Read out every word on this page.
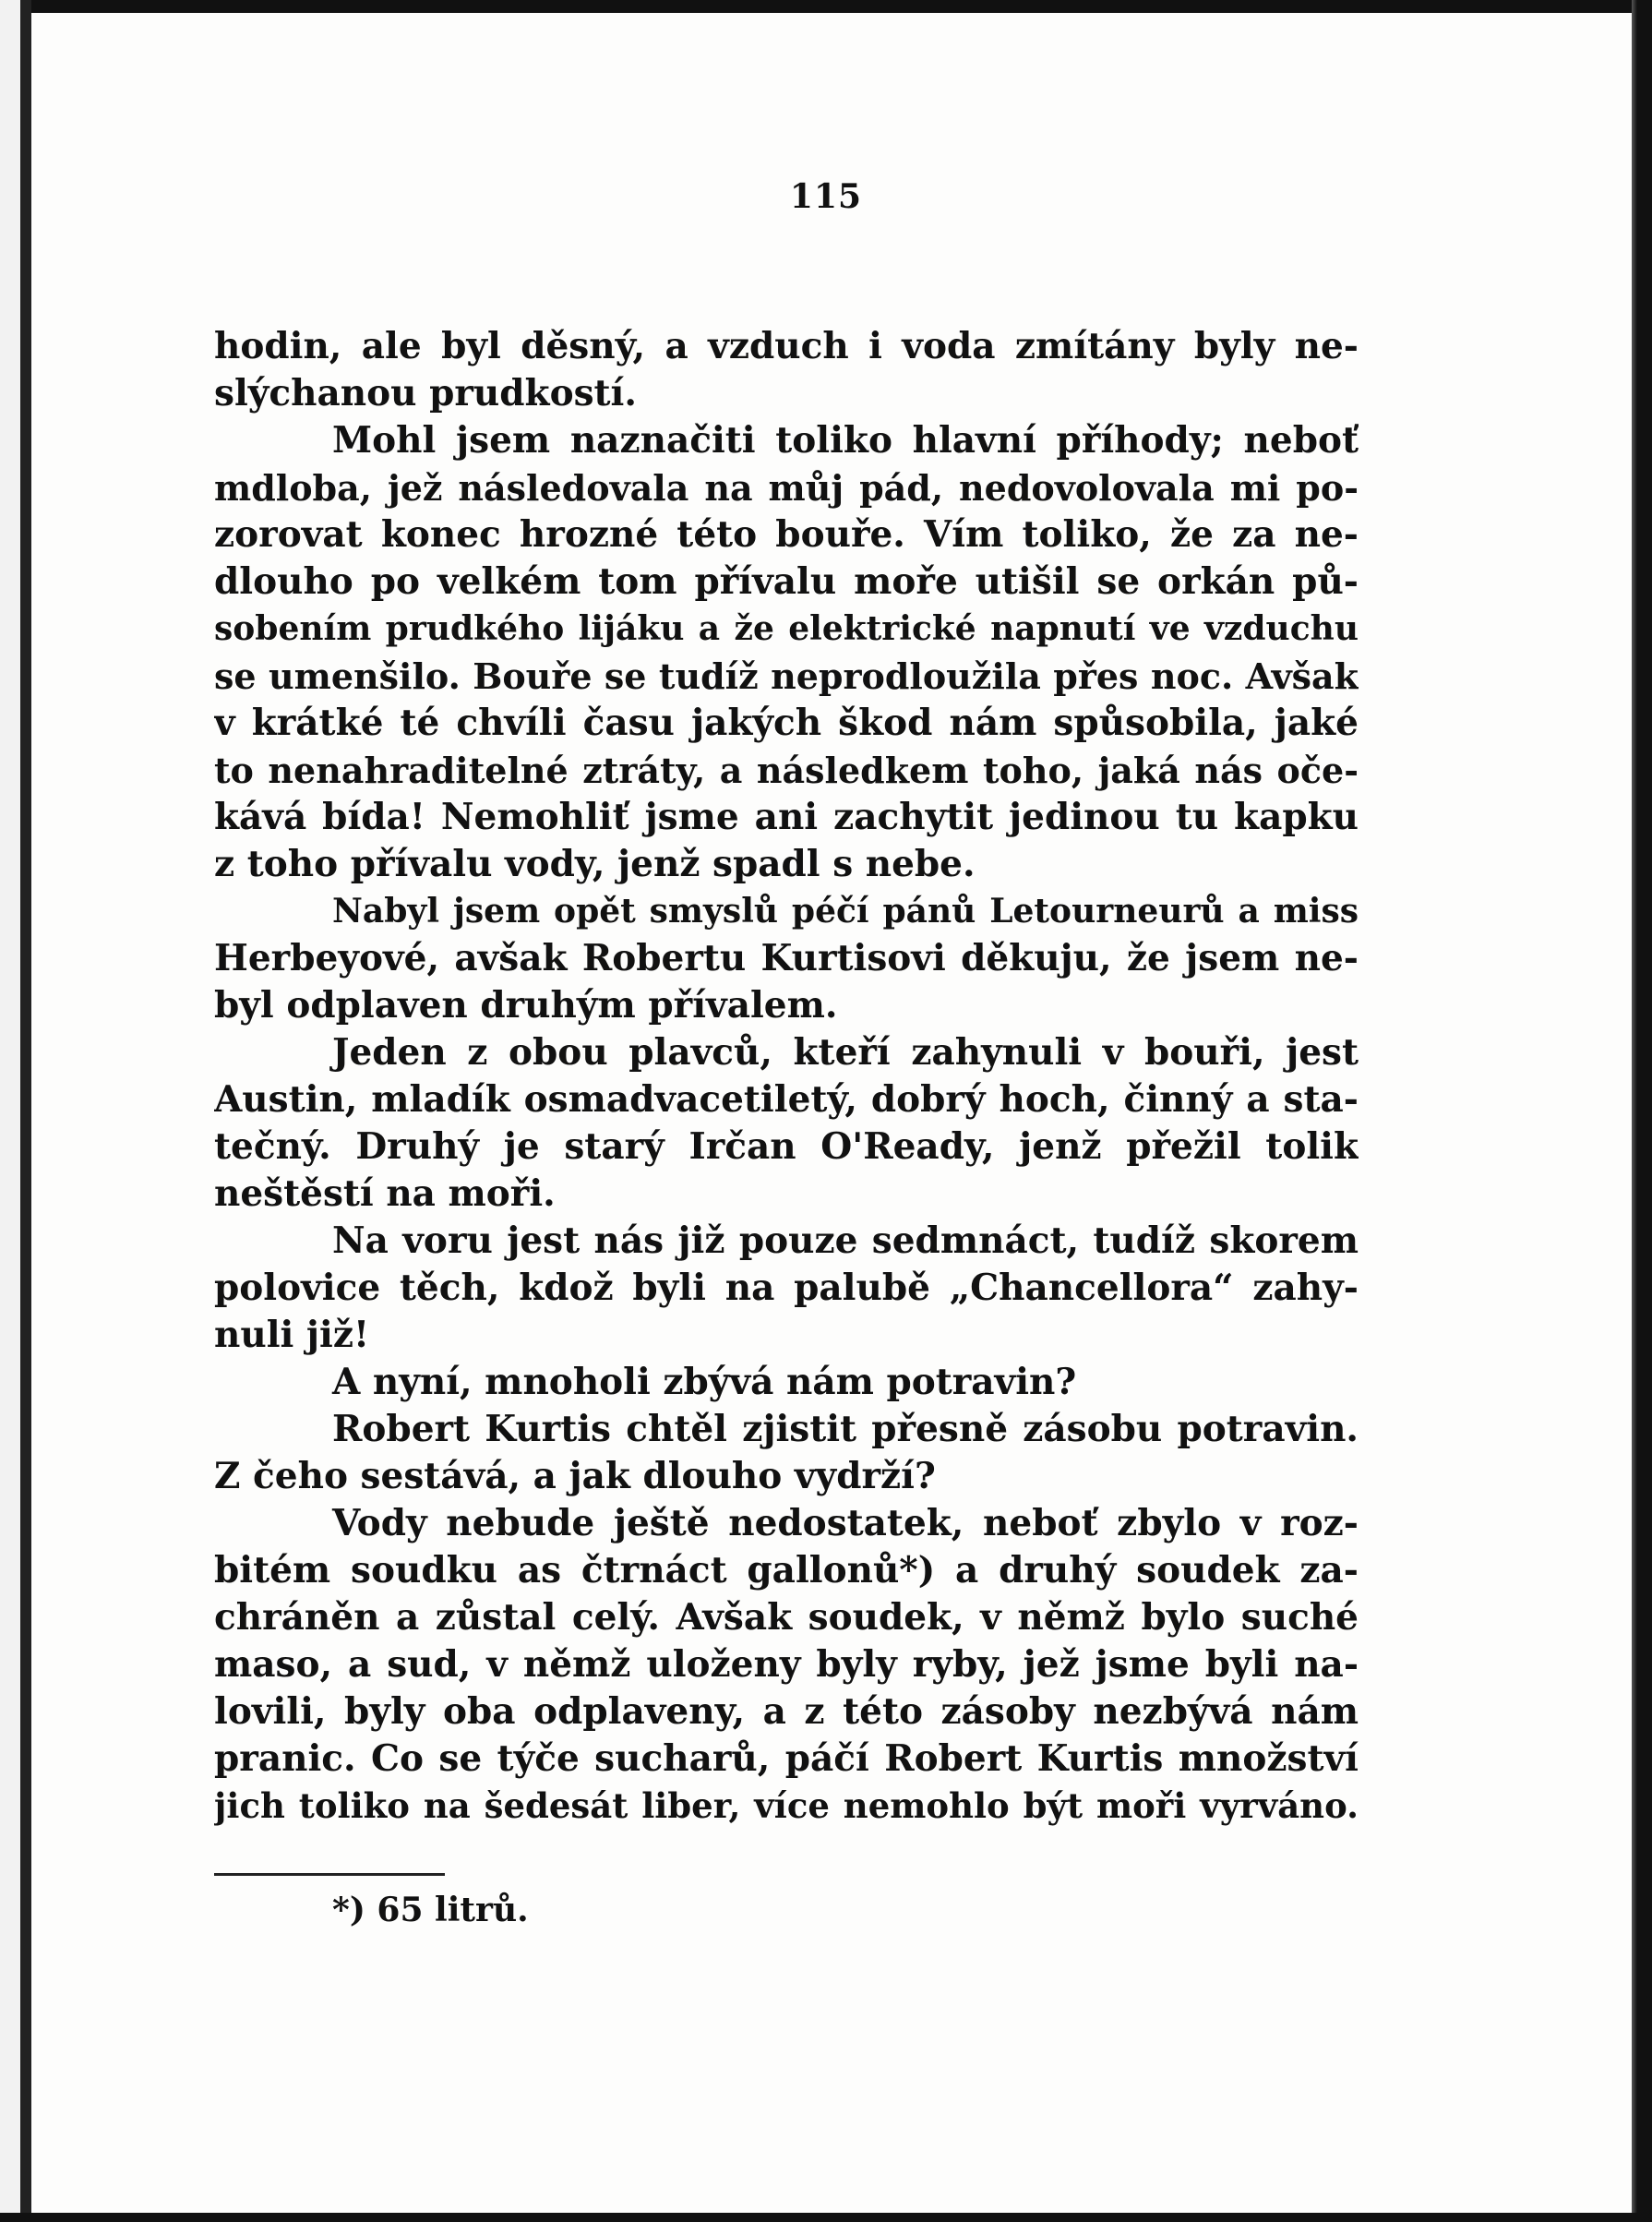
115
hodin, ale byl děsný, a vzduch i voda zmítány byly ne-
slýchanou prudkostí.
Mohl jsem naznačiti toliko hlavní příhody; neboť
mdloba, jež následovala na můj pád, nedovolovala mi po-
zorovat konec hrozné této bouře. Vím toliko, že za ne-
dlouho po velkém tom přívalu moře utišil se orkán pů-
sobením prudkého lijáku a že elektrické napnutí ve vzduchu
se umenšilo. Bouře se tudíž neprodloužila přes noc. Avšak
v krátké té chvíli času jakých škod nám spůsobila, jaké
to nenahraditelné ztráty, a následkem toho, jaká nás oče-
kává bída! Nemohliť jsme ani zachytit jedinou tu kapku
z toho přívalu vody, jenž spadl s nebe.
Nabyl jsem opět smyslů péčí pánů Letourneurů a miss
Herbeyové, avšak Robertu Kurtisovi děkuju, že jsem ne-
byl odplaven druhým přívalem.
Jeden z obou plavců, kteří zahynuli v bouři, jest
Austin, mladík osmadvacetiletý, dobrý hoch, činný a sta-
tečný. Druhý je starý Irčan O'Ready, jenž přežil tolik
neštěstí na moři.
Na voru jest nás již pouze sedmnáct, tudíž skorem
polovice těch, kdož byli na palubě „Chancellora“ zahy-
nuli již!
A nyní, mnoholi zbývá nám potravin?
Robert Kurtis chtěl zjistit přesně zásobu potravin.
Z čeho sestává, a jak dlouho vydrží?
Vody nebude ještě nedostatek, neboť zbylo v roz-
bitém soudku as čtrnáct gallonů*) a druhý soudek za-
chráněn a zůstal celý. Avšak soudek, v němž bylo suché
maso, a sud, v němž uloženy byly ryby, jež jsme byli na-
lovili, byly oba odplaveny, a z této zásoby nezbývá nám
pranic. Co se týče sucharů, páčí Robert Kurtis množství
jich toliko na šedesát liber, více nemohlo být moři vyrváno.
*) 65 litrů.
